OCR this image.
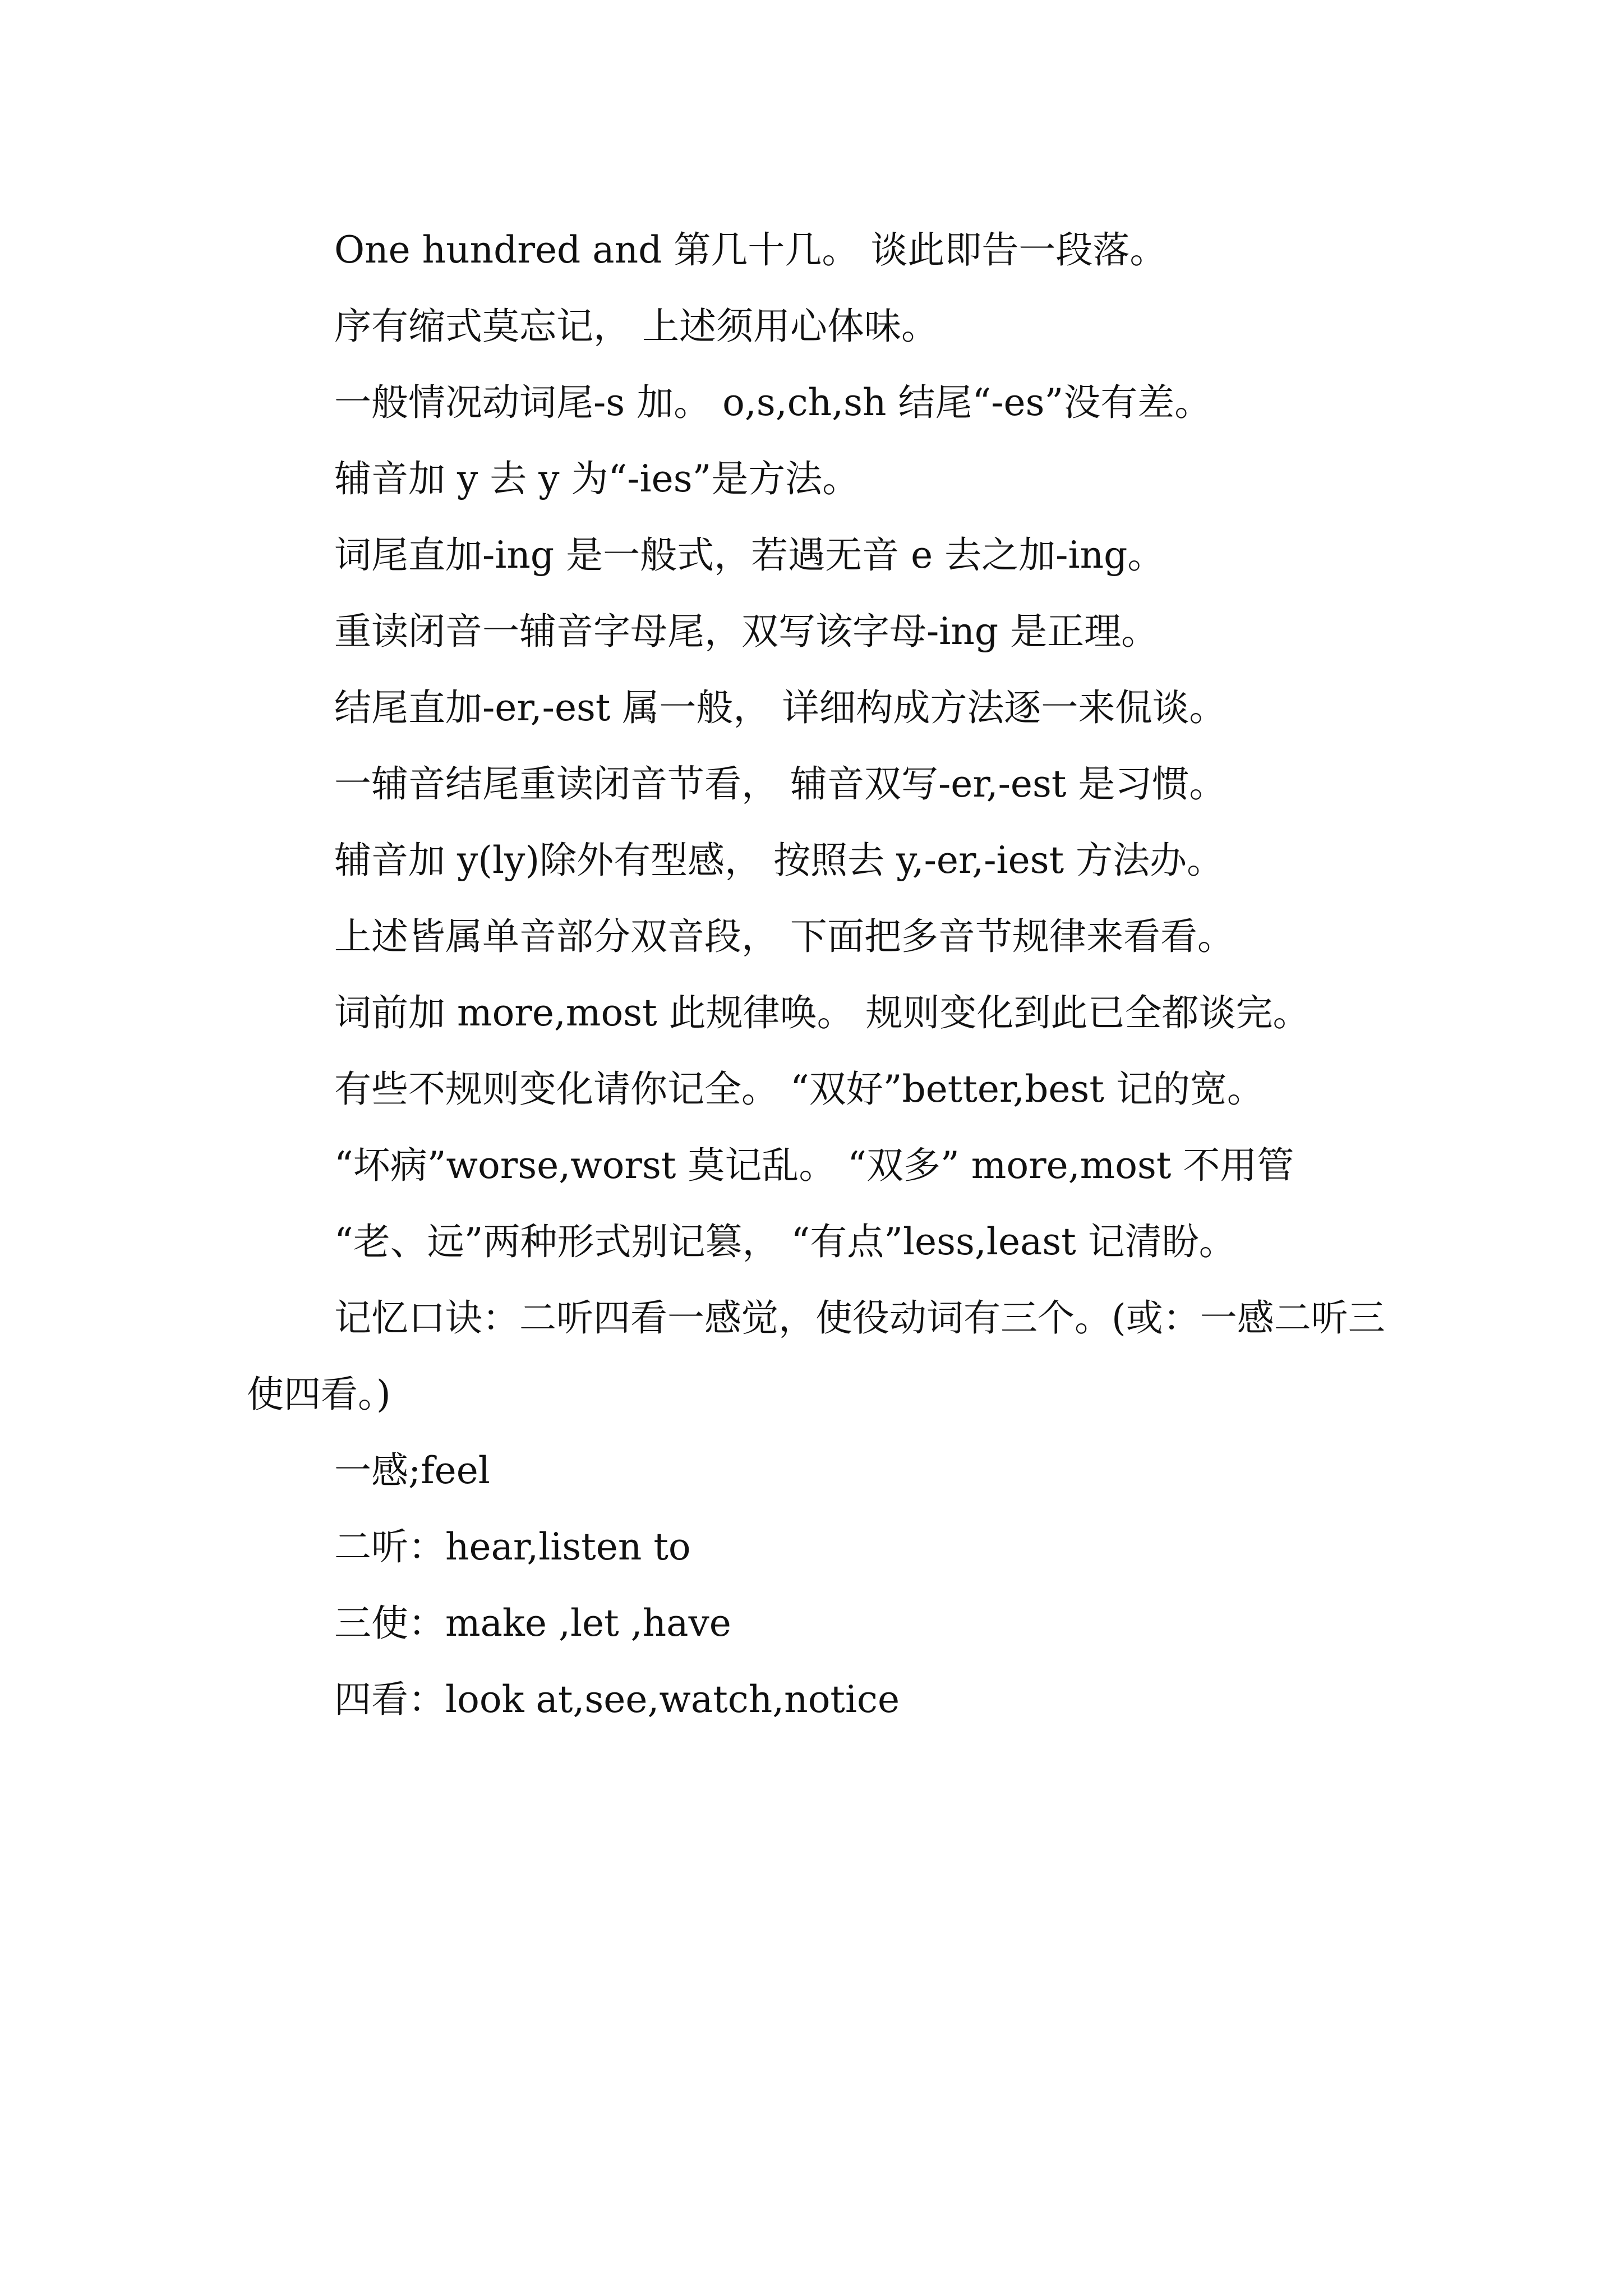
One hundred and 第几十几。 谈此即告一段落。

序有缩式莫忘记， 上述须用心体味。

一般情况动词尾-s 加。 o,s,ch,sh 结尾“-es”没有差。

辅音加 y 去 y 为“-ies”是方法。

词尾直加-ing 是一般式，若遇无音 e 去之加-ing。

重读闭音一辅音字母尾，双写该字母-ing 是正理。

结尾直加-er,-est 属一般， 详细构成方法逐一来侃谈。

一辅音结尾重读闭音节看， 辅音双写-er,-est 是习惯。

辅音加 y(ly)除外有型感， 按照去 y,-er,-iest 方法办。

上述皆属单音部分双音段， 下面把多音节规律来看看。

词前加 more,most 此规律唤。 规则变化到此已全都谈完。

有些不规则变化请你记全。 “双好”better,best 记的宽。

“坏病”worse,worst 莫记乱。 “双多” more,most 不用管

“老、远”两种形式别记篡， “有点”less,least 记清盼。

记忆口诀：二听四看一感觉，使役动词有三个。(或：一感二听三使四看。)

一感;feel

二听：hear,listen to

三使：make ,let ,have

四看：look at,see,watch,notice
